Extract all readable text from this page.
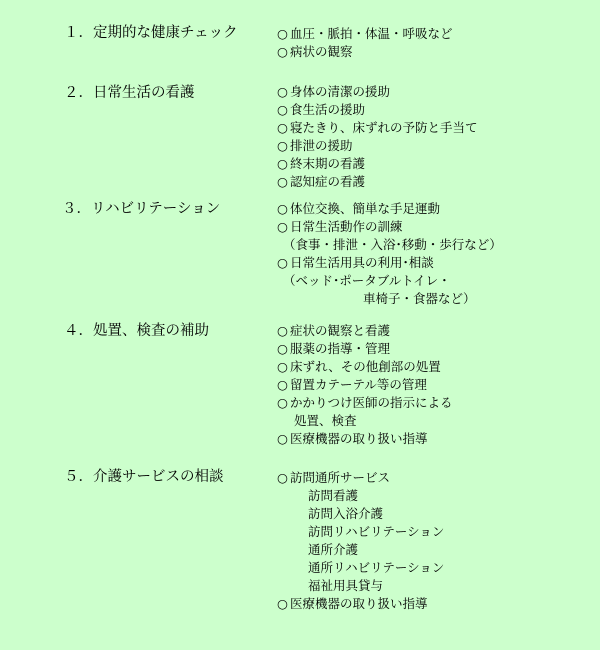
１．定期的な健康チェック	○ 血圧・脈拍・体温・呼吸など
○ 病状の観察
２．日常生活の看護	○ 身体の清潔の援助
○ 食生活の援助
○ 寝たきり、床ずれの予防と手当て
○ 排泄の援助
○ 終末期の看護
○ 認知症の看護
３．リハビリテーション	○ 体位交換、簡単な手足運動
○ 日常生活動作の訓練
（食事・排泄・入浴･移動・歩行など）
○ 日常生活用具の利用･相談
（ベッド･ポータブルトイレ・
車椅子・食器など）
４．処置、検査の補助	○ 症状の観察と看護
○ 服薬の指導・管理
○ 床ずれ、その他創部の処置
○ 留置カテーテル等の管理
○ かかりつけ医師の指示による
処置、検査
○ 医療機器の取り扱い指導
５．介護サービスの相談	○ 訪問通所サービス
訪問看護
訪問入浴介護
訪問リハビリテーション
通所介護
通所リハビリテーション
福祉用具貸与
○ 医療機器の取り扱い指導
